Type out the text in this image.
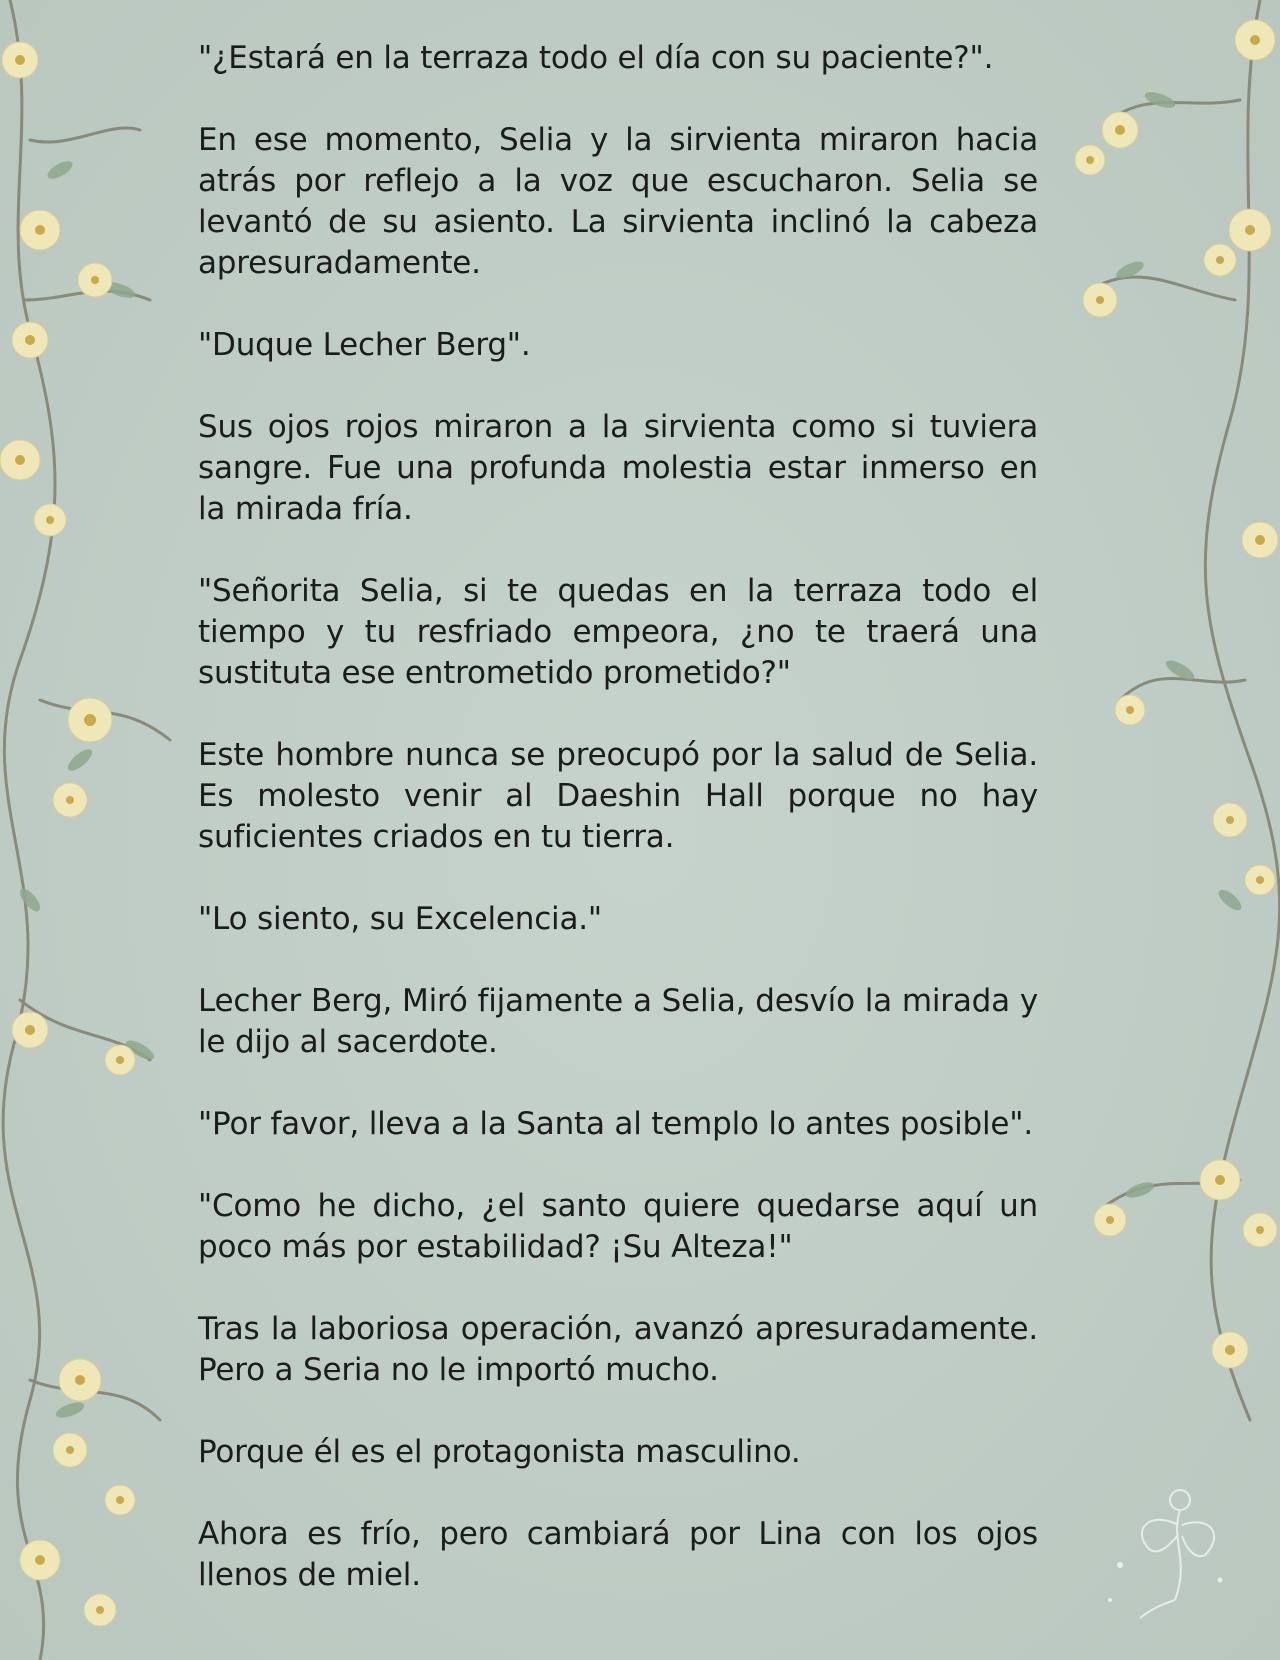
"¿Estará en la terraza todo el día con su paciente?".

En ese momento, Selia y la sirvienta miraron hacia atrás por reflejo a la voz que escucharon. Selia se levantó de su asiento. La sirvienta inclinó la cabeza apresuradamente.

"Duque Lecher Berg".

Sus ojos rojos miraron a la sirvienta como si tuviera sangre. Fue una profunda molestia estar inmerso en la mirada fría.

"Señorita Selia, si te quedas en la terraza todo el tiempo y tu resfriado empeora, ¿no te traerá una sustituta ese entrometido prometido?"

Este hombre nunca se preocupó por la salud de Selia. Es molesto venir al Daeshin Hall porque no hay suficientes criados en tu tierra.

"Lo siento, su Excelencia."

Lecher Berg, Miró fijamente a Selia, desvío la mirada y le dijo al sacerdote.

"Por favor, lleva a la Santa al templo lo antes posible".

"Como he dicho, ¿el santo quiere quedarse aquí un poco más por estabilidad? ¡Su Alteza!"

Tras la laboriosa operación, avanzó apresuradamente. Pero a Seria no le importó mucho.

Porque él es el protagonista masculino.

Ahora es frío, pero cambiará por Lina con los ojos llenos de miel.
